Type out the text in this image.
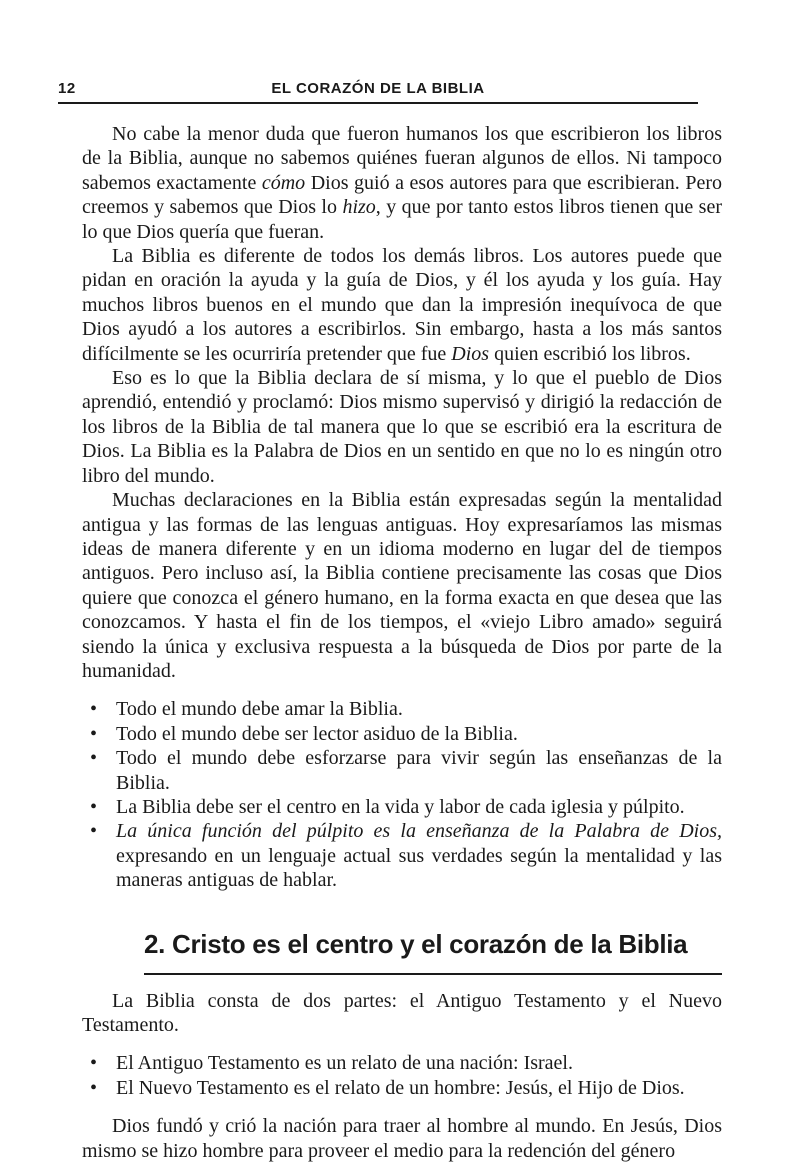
12	EL CORAZÓN DE LA BIBLIA

No cabe la menor duda que fueron humanos los que escribieron los libros de la Biblia, aunque no sabemos quiénes fueran algunos de ellos. Ni tampoco sabemos exactamente cómo Dios guió a esos autores para que escribieran. Pero creemos y sabemos que Dios lo hizo, y que por tanto estos libros tienen que ser lo que Dios quería que fueran.

La Biblia es diferente de todos los demás libros. Los autores puede que pidan en oración la ayuda y la guía de Dios, y él los ayuda y los guía. Hay muchos libros buenos en el mundo que dan la impresión inequívoca de que Dios ayudó a los autores a escribirlos. Sin embargo, hasta a los más santos difícilmente se les ocurriría pretender que fue Dios quien escribió los libros.

Eso es lo que la Biblia declara de sí misma, y lo que el pueblo de Dios aprendió, entendió y proclamó: Dios mismo supervisó y dirigió la redacción de los libros de la Biblia de tal manera que lo que se escribió era la escritura de Dios. La Biblia es la Palabra de Dios en un sentido en que no lo es ningún otro libro del mundo.

Muchas declaraciones en la Biblia están expresadas según la mentalidad antigua y las formas de las lenguas antiguas. Hoy expresaríamos las mismas ideas de manera diferente y en un idioma moderno en lugar del de tiempos antiguos. Pero incluso así, la Biblia contiene precisamente las cosas que Dios quiere que conozca el género humano, en la forma exacta en que desea que las conozcamos. Y hasta el fin de los tiempos, el «viejo Libro amado» seguirá siendo la única y exclusiva respuesta a la búsqueda de Dios por parte de la humanidad.

• Todo el mundo debe amar la Biblia.
• Todo el mundo debe ser lector asiduo de la Biblia.
• Todo el mundo debe esforzarse para vivir según las enseñanzas de la Biblia.
• La Biblia debe ser el centro en la vida y labor de cada iglesia y púlpito.
• La única función del púlpito es la enseñanza de la Palabra de Dios, expresando en un lenguaje actual sus verdades según la mentalidad y las maneras antiguas de hablar.
2. Cristo es el centro y el corazón de la Biblia

La Biblia consta de dos partes: el Antiguo Testamento y el Nuevo Testamento.

• El Antiguo Testamento es un relato de una nación: Israel.
• El Nuevo Testamento es el relato de un hombre: Jesús, el Hijo de Dios.

Dios fundó y crió la nación para traer al hombre al mundo. En Jesús, Dios mismo se hizo hombre para proveer el medio para la redención del género
